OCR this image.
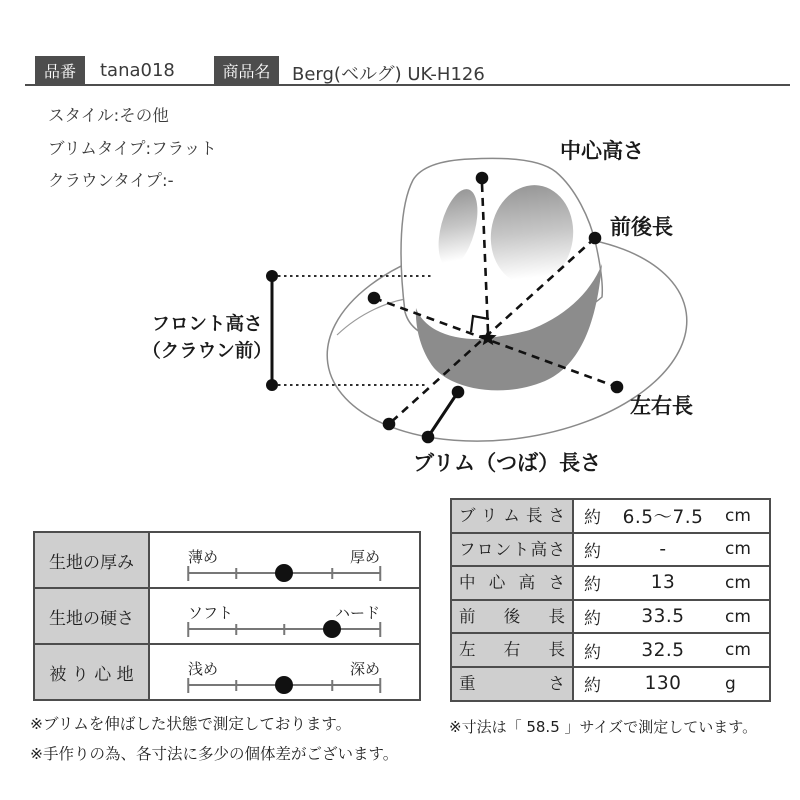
品番	tana018	商品名	Berg(ベルグ) UK-H126
スタイル:その他
ブリムタイプ:フラット
クラウンタイプ:-
中心高さ
前後長
左右長
ブリム（つば）長さ
フロント高さ
（クラウン前）
生地の厚み	薄め	厚め
生地の硬さ	ソフト	ハード
被 り 心 地	浅め	深め
ブリム長さ	約	6.5～7.5	cm
フロント高さ	約	-	cm
中心高さ	約	13	cm
前後長	約	33.5	cm
左右長	約	32.5	cm
重さ	約	130	g
※ブリムを伸ばした状態で測定しております。
※手作りの為、各寸法に多少の個体差がございます。
※寸法は「 58.5 」サイズで測定しています。
